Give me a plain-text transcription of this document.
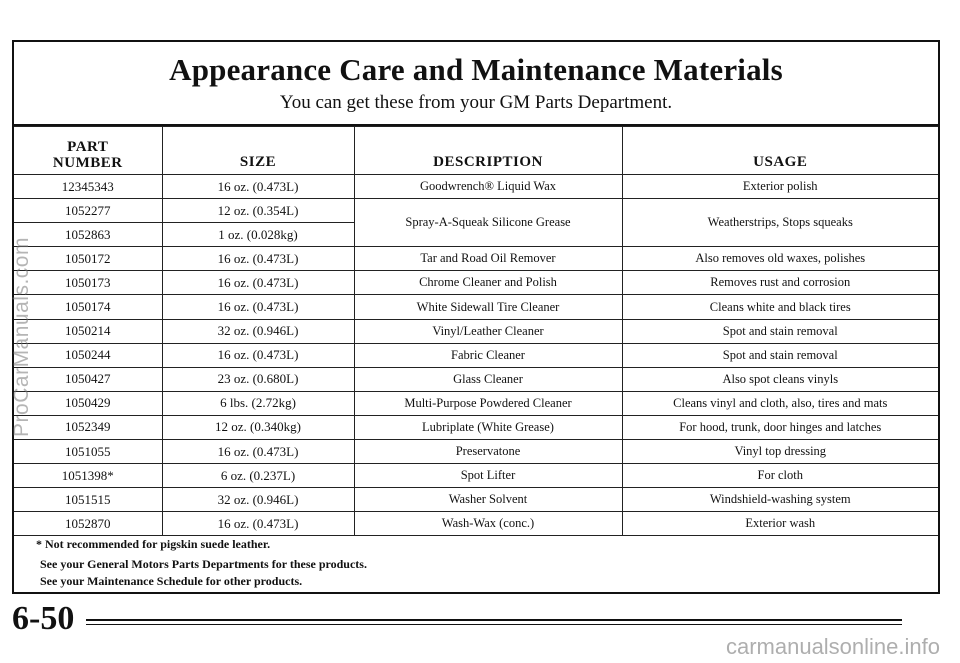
Appearance Care and Maintenance Materials
You can get these from your GM Parts Department.
PART
NUMBER	SIZE	DESCRIPTION	USAGE
12345343	16 oz. (0.473L)	Goodwrench® Liquid Wax	Exterior polish
1052277	12 oz. (0.354L)	Spray-A-Squeak Silicone Grease	Weatherstrips, Stops squeaks
1052863	1 oz. (0.028kg)		
1050172	16 oz. (0.473L)	Tar and Road Oil Remover	Also removes old waxes, polishes
1050173	16 oz. (0.473L)	Chrome Cleaner and Polish	Removes rust and corrosion
1050174	16 oz. (0.473L)	White Sidewall Tire Cleaner	Cleans white and black tires
1050214	32 oz. (0.946L)	Vinyl/Leather Cleaner	Spot and stain removal
1050244	16 oz. (0.473L)	Fabric Cleaner	Spot and stain removal
1050427	23 oz. (0.680L)	Glass Cleaner	Also spot cleans vinyls
1050429	6 lbs. (2.72kg)	Multi-Purpose Powdered Cleaner	Cleans vinyl and cloth, also, tires and mats
1052349	12 oz. (0.340kg)	Lubriplate (White Grease)	For hood, trunk, door hinges and latches
1051055	16 oz. (0.473L)	Preservatone	Vinyl top dressing
1051398*	6 oz. (0.237L)	Spot Lifter	For cloth
1051515	32 oz. (0.946L)	Washer Solvent	Windshield-washing system
1052870	16 oz. (0.473L)	Wash-Wax (conc.)	Exterior wash
* Not recommended for pigskin suede leather.
See your General Motors Parts Departments for these products.
See your Maintenance Schedule for other products.
6-50
ProCarManuals.com
carmanualsonline.info
